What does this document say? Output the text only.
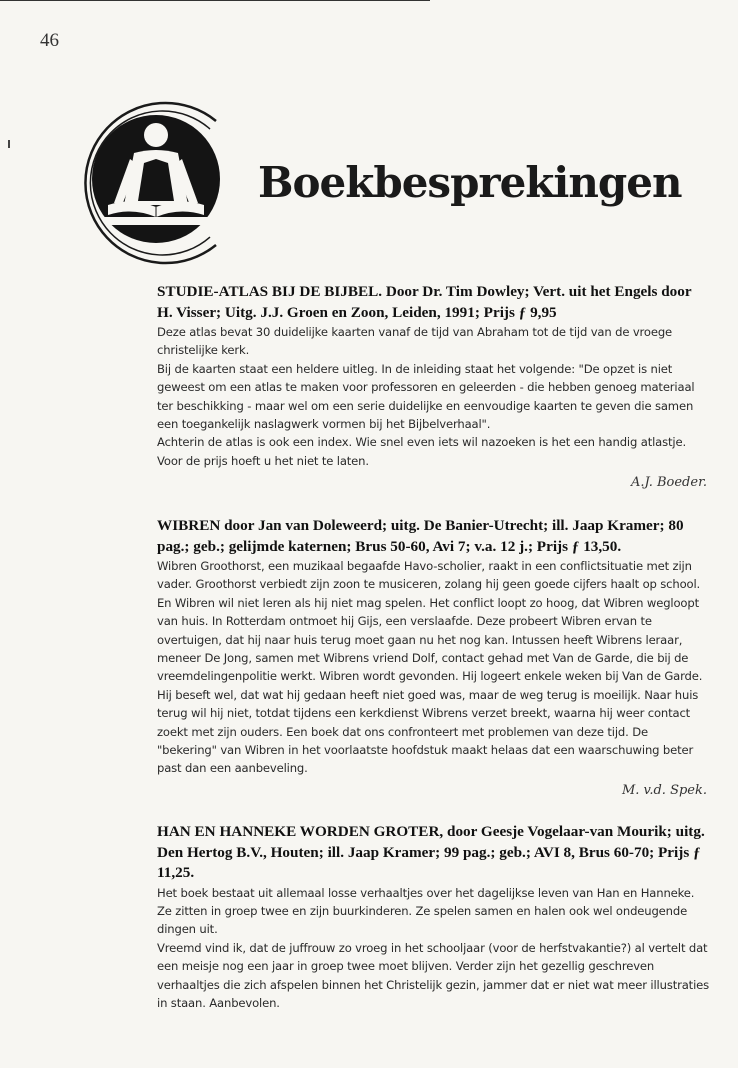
46
Boekbesprekingen

STUDIE-ATLAS BIJ DE BIJBEL. Door Dr. Tim Dowley; Vert. uit het Engels door H. Visser; Uitg. J.J. Groen en Zoon, Leiden, 1991; Prijs ƒ 9,95

Deze atlas bevat 30 duidelijke kaarten vanaf de tijd van Abraham tot de tijd van de vroege christelijke kerk.

Bij de kaarten staat een heldere uitleg. In de inleiding staat het volgende: "De opzet is niet geweest om een atlas te maken voor professoren en geleerden - die hebben genoeg materiaal ter beschikking - maar wel om een serie duidelijke en eenvoudige kaarten te geven die samen een toegankelijk naslagwerk vormen bij het Bijbelverhaal".

Achterin de atlas is ook een index. Wie snel even iets wil nazoeken is het een handig atlastje. Voor de prijs hoeft u het niet te laten.

A.J. Boeder.

WIBREN door Jan van Doleweerd; uitg. De Banier-Utrecht; ill. Jaap Kramer; 80 pag.; geb.; gelijmde katernen; Brus 50-60, Avi 7; v.a. 12 j.; Prijs ƒ 13,50.

Wibren Groothorst, een muzikaal begaafde Havo-scholier, raakt in een conflictsituatie met zijn vader. Groothorst verbiedt zijn zoon te musiceren, zolang hij geen goede cijfers haalt op school. En Wibren wil niet leren als hij niet mag spelen. Het conflict loopt zo hoog, dat Wibren wegloopt van huis. In Rotterdam ontmoet hij Gijs, een verslaafde. Deze probeert Wibren ervan te overtuigen, dat hij naar huis terug moet gaan nu het nog kan. Intussen heeft Wibrens leraar, meneer De Jong, samen met Wibrens vriend Dolf, contact gehad met Van de Garde, die bij de vreemdelingenpolitie werkt. Wibren wordt gevonden. Hij logeert enkele weken bij Van de Garde. Hij beseft wel, dat wat hij gedaan heeft niet goed was, maar de weg terug is moeilijk. Naar huis terug wil hij niet, totdat tijdens een kerkdienst Wibrens verzet breekt, waarna hij weer contact zoekt met zijn ouders. Een boek dat ons confronteert met problemen van deze tijd. De "bekering" van Wibren in het voorlaatste hoofdstuk maakt helaas dat een waarschuwing beter past dan een aanbeveling.

M. v.d. Spek.

HAN EN HANNEKE WORDEN GROTER, door Geesje Vogelaar-van Mourik; uitg. Den Hertog B.V., Houten; ill. Jaap Kramer; 99 pag.; geb.; AVI 8, Brus 60-70; Prijs ƒ 11,25.

Het boek bestaat uit allemaal losse verhaaltjes over het dagelijkse leven van Han en Hanneke. Ze zitten in groep twee en zijn buurkinderen. Ze spelen samen en halen ook wel ondeugende dingen uit.

Vreemd vind ik, dat de juffrouw zo vroeg in het schooljaar (voor de herfstvakantie?) al vertelt dat een meisje nog een jaar in groep twee moet blijven. Verder zijn het gezellig geschreven verhaaltjes die zich afspelen binnen het Christelijk gezin, jammer dat er niet wat meer illustraties in staan. Aanbevolen.
